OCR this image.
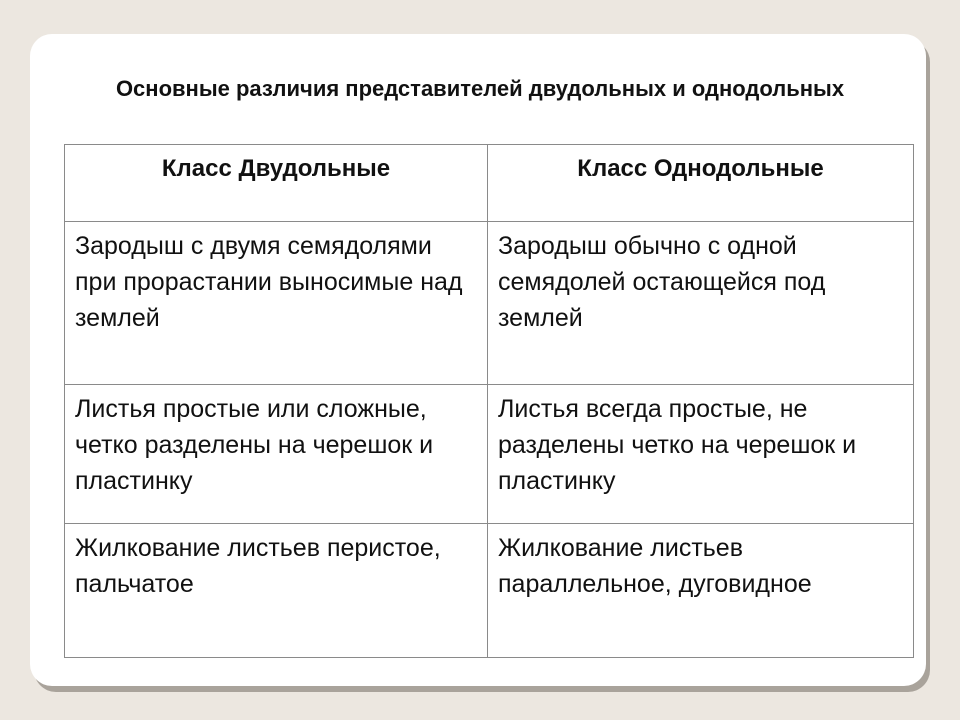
Основные различия представителей двудольных и однодольных
Класс Двудольные	Класс Однодольные
Зародыш с двумя семядолями при прорастании выносимые над землей	Зародыш обычно с одной семядолей остающейся под землей
Листья простые или сложные, четко разделены на черешок и пластинку	Листья всегда простые, не разделены четко на черешок и пластинку
Жилкование листьев перистое, пальчатое	Жилкование листьев параллельное, дуговидное
